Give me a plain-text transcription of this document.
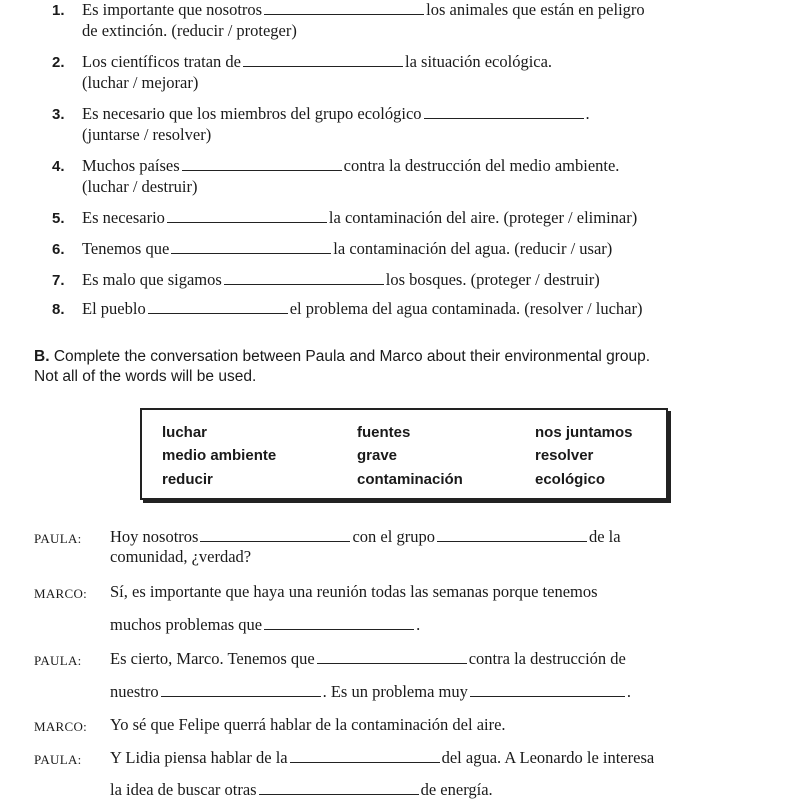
1. Es importante que nosotros	los animales que están en peligro
de extinción. (reducir / proteger)
2. Los científicos tratan de	la situación ecológica.
(luchar / mejorar)
3. Es necesario que los miembros del grupo ecológico	.
(juntarse / resolver)
4. Muchos países	contra la destrucción del medio ambiente.
(luchar / destruir)
5. Es necesario	la contaminación del aire. (proteger / eliminar)
6. Tenemos que	la contaminación del agua. (reducir / usar)
7. Es malo que sigamos	los bosques. (proteger / destruir)
8. El pueblo	el problema del agua contaminada. (resolver / luchar)
B. Complete the conversation between Paula and Marco about their environmental group.
Not all of the words will be used.
luchar	fuentes	nos juntamos
medio ambiente	grave	resolver
reducir	contaminación	ecológico
PAULA: Hoy nosotros	con el grupo	de la
comunidad, ¿verdad?
MARCO: Sí, es importante que haya una reunión todas las semanas porque tenemos
muchos problemas que	.
PAULA: Es cierto, Marco. Tenemos que	contra la destrucción de
nuestro	. Es un problema muy	.
MARCO: Yo sé que Felipe querrá hablar de la contaminación del aire.
PAULA: Y Lidia piensa hablar de la	del agua. A Leonardo le interesa
la idea de buscar otras	de energía.
